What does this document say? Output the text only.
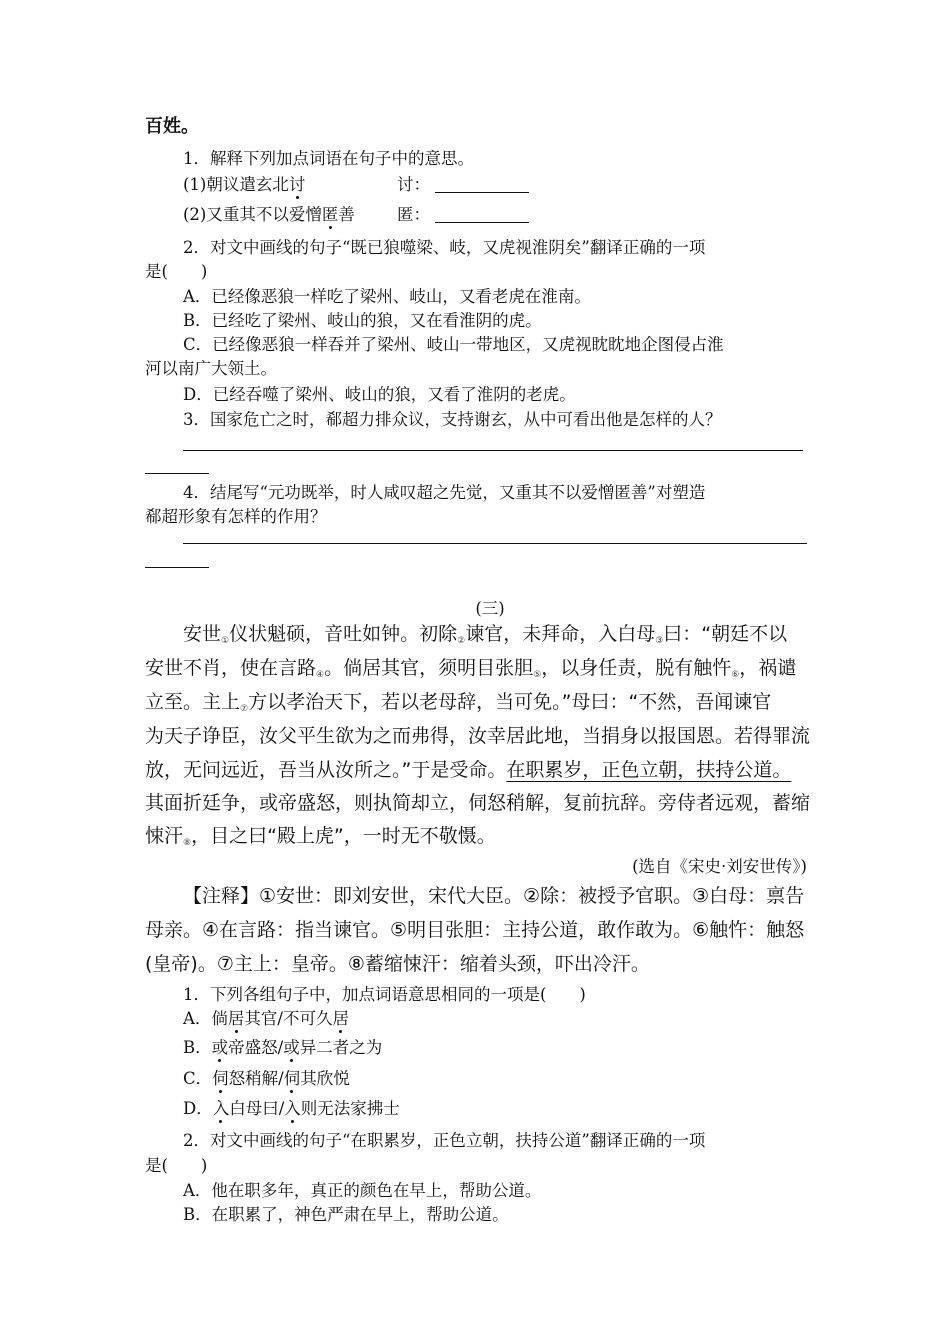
百姓。
1．解释下列加点词语在句子中的意思。
(1)朝议遣玄北讨	讨：
(2)又重其不以爱憎匿善	匿：
2．对文中画线的句子“既已狼噬梁、岐，又虎视淮阴矣”翻译正确的一项
是(　　)
A．已经像恶狼一样吃了梁州、岐山，又看老虎在淮南。
B．已经吃了梁州、岐山的狼，又在看淮阴的虎。
C．已经像恶狼一样吞并了梁州、岐山一带地区，又虎视眈眈地企图侵占淮
河以南广大领土。
D．已经吞噬了梁州、岐山的狼，又看了淮阴的老虎。
3．国家危亡之时，郗超力排众议，支持谢玄，从中可看出他是怎样的人？
4．结尾写“元功既举，时人咸叹超之先觉，又重其不以爱憎匿善”对塑造
郗超形象有怎样的作用？
(三)
安世$_①$仪状魁硕，音吐如钟。初除$_②$谏官，未拜命，入白母$_③$曰：“朝廷不以
安世不肖，使在言路$_④$。倘居其官，须明目张胆$_⑤$，以身任责，脱有触忤$_⑥$，祸谴
立至。主上$_⑦$方以孝治天下，若以老母辞，当可免。”母曰：“不然，吾闻谏官
为天子诤臣，汝父平生欲为之而弗得，汝幸居此地，当捐身以报国恩。若得罪流
放，无问远近，吾当从汝所之。”于是受命。在职累岁，正色立朝，扶持公道。
其面折廷争，或帝盛怒，则执简却立，伺怒稍解，复前抗辞。旁侍者远观，蓄缩
悚汗$_⑧$，目之曰“殿上虎”，一时无不敬慑。
(选自《宋史·刘安世传》)
【注释】①安世：即刘安世，宋代大臣。②除：被授予官职。③白母：禀告
母亲。④在言路：指当谏官。⑤明目张胆：主持公道，敢作敢为。⑥触忤：触怒
(皇帝)。⑦主上：皇帝。⑧蓄缩悚汗：缩着头颈，吓出冷汗。
1．下列各组句子中，加点词语意思相同的一项是(　　)
A．倘居其官/不可久居
B．或帝盛怒/或异二者之为
C．伺怒稍解/伺其欣悦
D．入白母曰/入则无法家拂士
2．对文中画线的句子“在职累岁，正色立朝，扶持公道”翻译正确的一项
是(　　)
A．他在职多年，真正的颜色在早上，帮助公道。
B．在职累了，神色严肃在早上，帮助公道。
